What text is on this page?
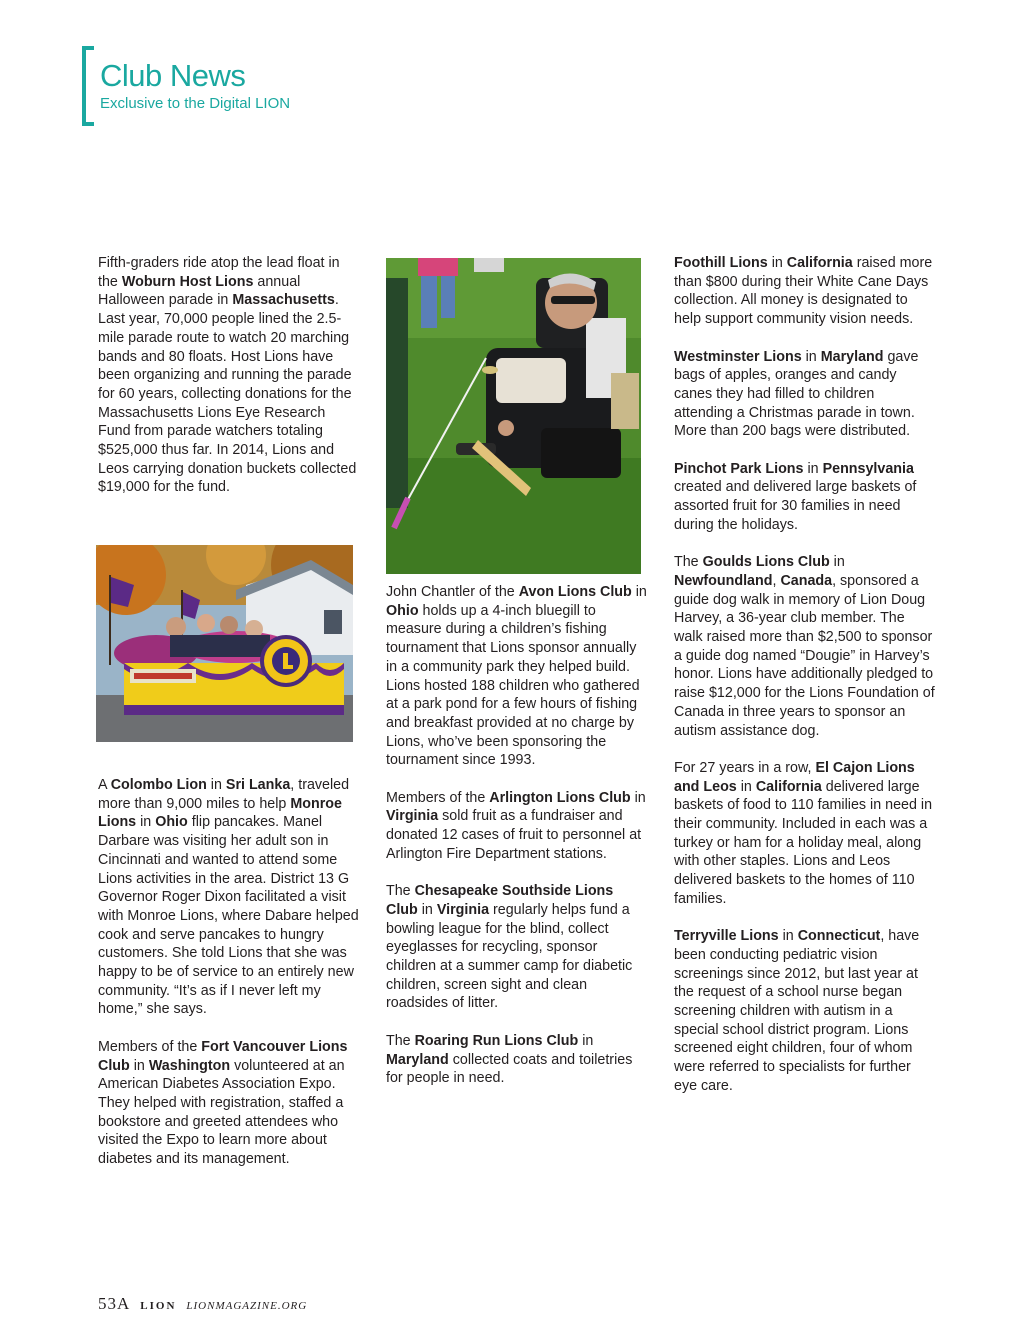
Club News
Exclusive to the Digital LION

Fifth-graders ride atop the lead float in the Woburn Host Lions annual Halloween parade in Massachusetts. Last year, 70,000 people lined the 2.5-mile parade route to watch 20 marching bands and 80 floats. Host Lions have been organizing and running the parade for 60 years, collecting donations for the Massachusetts Lions Eye Research Fund from parade watchers totaling $525,000 thus far. In 2014, Lions and Leos carrying donation buckets collected $19,000 for the fund.

A Colombo Lion in Sri Lanka, traveled more than 9,000 miles to help Monroe Lions in Ohio flip pancakes. Manel Darbare was visiting her adult son in Cincinnati and wanted to attend some Lions activities in the area. District 13 G Governor Roger Dixon facilitated a visit with Monroe Lions, where Dabare helped cook and serve pancakes to hungry customers. She told Lions that she was happy to be of service to an entirely new community. “It’s as if I never left my home,” she says.

Members of the Fort Vancouver Lions Club in Washington volunteered at an American Diabetes Association Expo. They helped with registration, staffed a bookstore and greeted attendees who visited the Expo to learn more about diabetes and its management.

John Chantler of the Avon Lions Club in Ohio holds up a 4-inch bluegill to measure during a children’s fishing tournament that Lions sponsor annually in a community park they helped build. Lions hosted 188 children who gathered at a park pond for a few hours of fishing and breakfast provided at no charge by Lions, who’ve been sponsoring the tournament since 1993.

Members of the Arlington Lions Club in Virginia sold fruit as a fundraiser and donated 12 cases of fruit to personnel at Arlington Fire Department stations.

The Chesapeake Southside Lions Club in Virginia regularly helps fund a bowling league for the blind, collect eyeglasses for recycling, sponsor children at a summer camp for diabetic children, screen sight and clean roadsides of litter.

The Roaring Run Lions Club in Maryland collected coats and toiletries for people in need.

Foothill Lions in California raised more than $800 during their White Cane Days collection. All money is designated to help support community vision needs.

Westminster Lions in Maryland gave bags of apples, oranges and candy canes they had filled to children attending a Christmas parade in town. More than 200 bags were distributed.

Pinchot Park Lions in Pennsylvania created and delivered large baskets of assorted fruit for 30 families in need during the holidays.

The Goulds Lions Club in Newfoundland, Canada, sponsored a guide dog walk in memory of Lion Doug Harvey, a 36-year club member. The walk raised more than $2,500 to sponsor a guide dog named “Dougie” in Harvey’s honor. Lions have additionally pledged to raise $12,000 for the Lions Foundation of Canada in three years to sponsor an autism assistance dog.

For 27 years in a row, El Cajon Lions and Leos in California delivered large baskets of food to 110 families in need in their community. Included in each was a turkey or ham for a holiday meal, along with other staples. Lions and Leos delivered baskets to the homes of 110 families.

Terryville Lions in Connecticut, have been conducting pediatric vision screenings since 2012, but last year at the request of a school nurse began screening children with autism in a special school district program. Lions screened eight children, four of whom were referred to specialists for further eye care.

53A LION LIONMAGAZINE.ORG
